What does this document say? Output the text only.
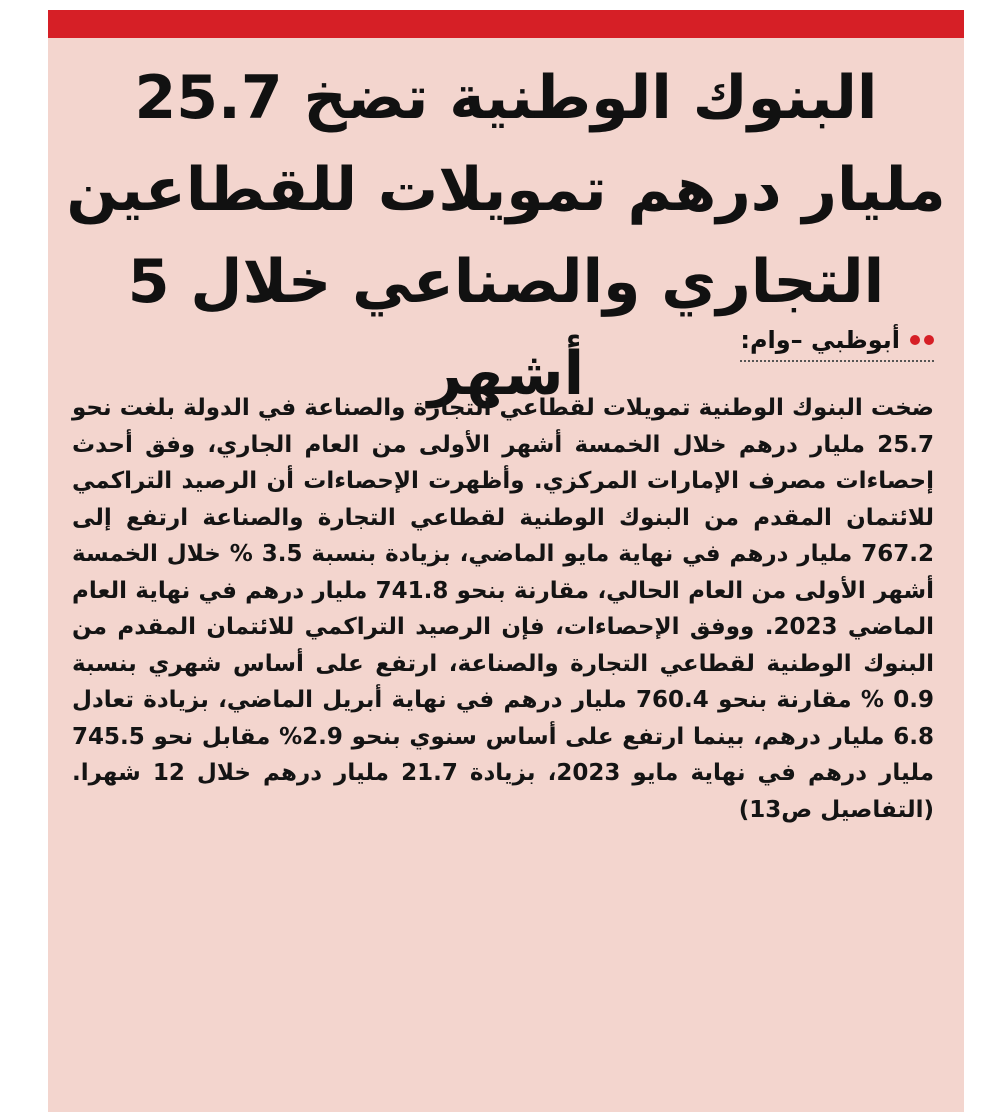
البنوك الوطنية تضخ 25.7 مليار درهم تمويلات للقطاعين التجاري والصناعي خلال 5 أشهر	أبوظبي –وام:

ضخت البنوك الوطنية تمويلات لقطاعي التجارة والصناعة في الدولة بلغت نحو 25.7 مليار درهم خلال الخمسة أشهر الأولى من العام الجاري، وفق أحدث إحصاءات مصرف الإمارات المركزي. وأظهرت الإحصاءات أن الرصيد التراكمي للائتمان المقدم من البنوك الوطنية لقطاعي التجارة والصناعة ارتفع إلى 767.2 مليار درهم في نهاية مايو الماضي، بزيادة بنسبة 3.5 % خلال الخمسة أشهر الأولى من العام الحالي، مقارنة بنحو 741.8 مليار درهم في نهاية العام الماضي 2023. ووفق الإحصاءات، فإن الرصيد التراكمي للائتمان المقدم من البنوك الوطنية لقطاعي التجارة والصناعة، ارتفع على أساس شهري بنسبة 0.9 % مقارنة بنحو 760.4 مليار درهم في نهاية أبريل الماضي، بزيادة تعادل 6.8 مليار درهم، بينما ارتفع على أساس سنوي بنحو 2.9% مقابل نحو 745.5 مليار درهم في نهاية مايو 2023، بزيادة 21.7 مليار درهم خلال 12 شهرا. (التفاصيل ص13)
